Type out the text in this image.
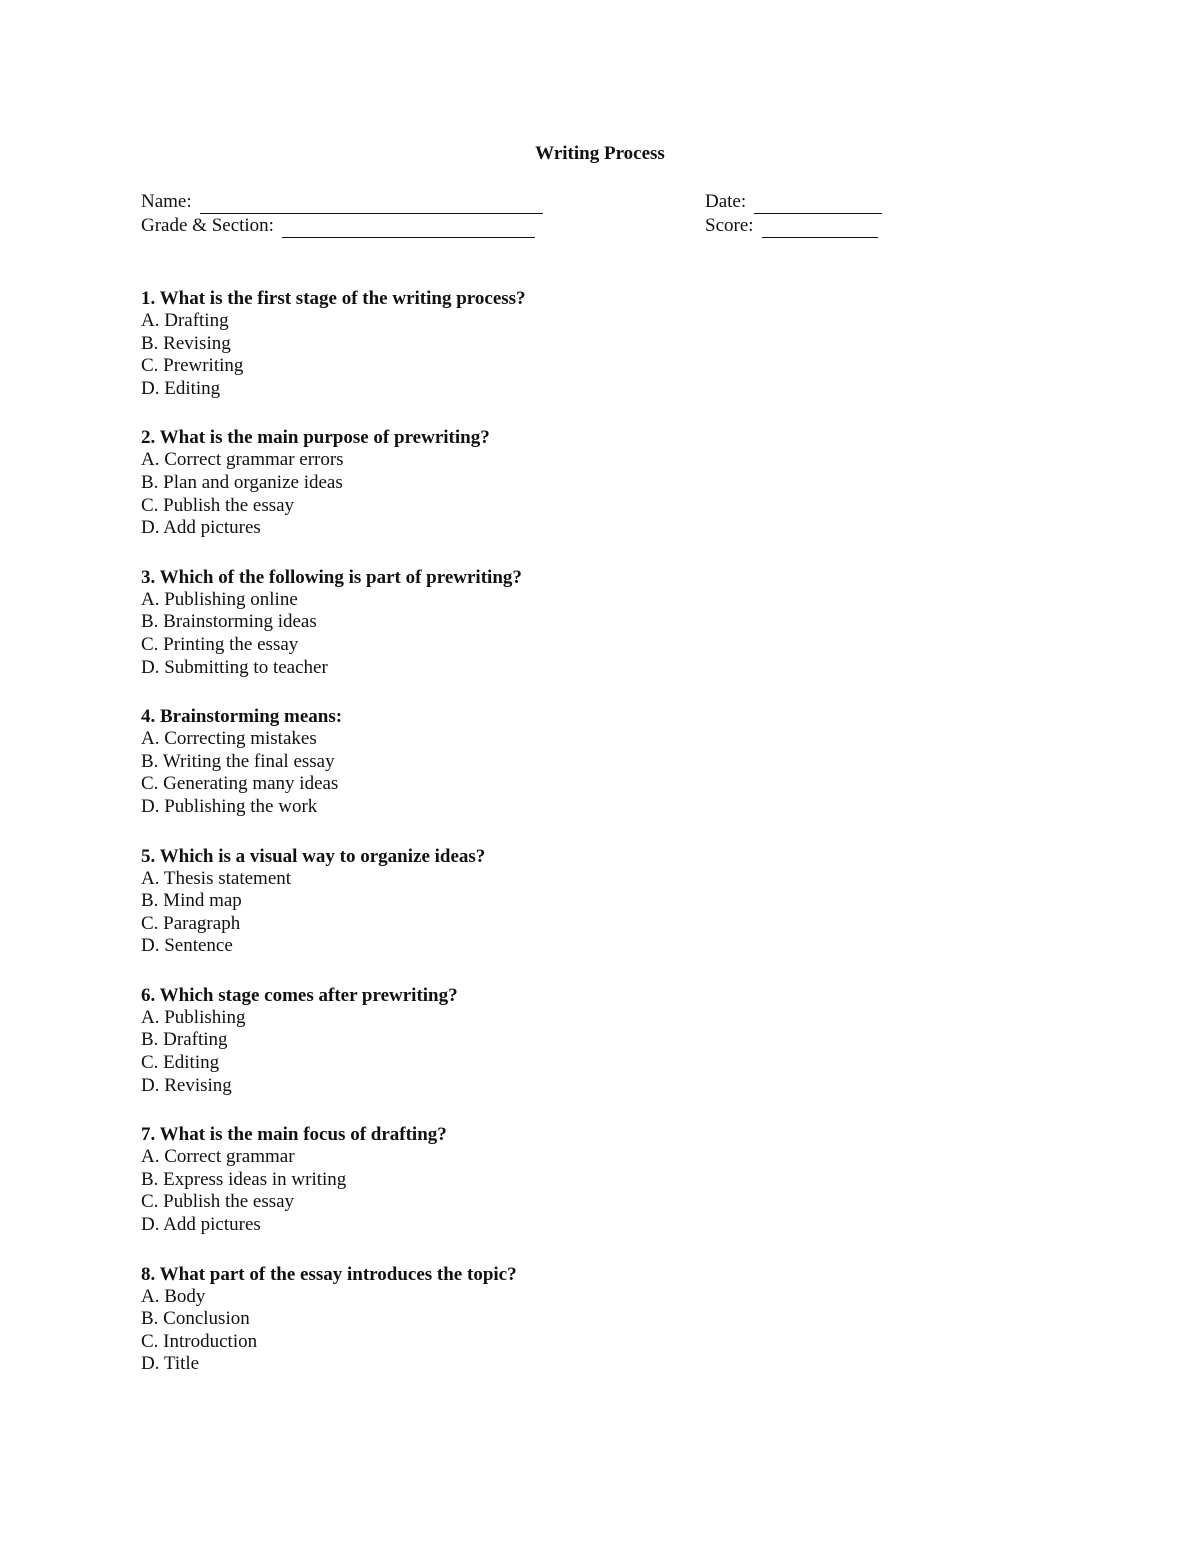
Writing Process
Name:	Date:
Grade & Section:	Score:
1. What is the first stage of the writing process?
A. Drafting
B. Revising
C. Prewriting
D. Editing
2. What is the main purpose of prewriting?
A. Correct grammar errors
B. Plan and organize ideas
C. Publish the essay
D. Add pictures
3. Which of the following is part of prewriting?
A. Publishing online
B. Brainstorming ideas
C. Printing the essay
D. Submitting to teacher
4. Brainstorming means:
A. Correcting mistakes
B. Writing the final essay
C. Generating many ideas
D. Publishing the work
5. Which is a visual way to organize ideas?
A. Thesis statement
B. Mind map
C. Paragraph
D. Sentence
6. Which stage comes after prewriting?
A. Publishing
B. Drafting
C. Editing
D. Revising
7. What is the main focus of drafting?
A. Correct grammar
B. Express ideas in writing
C. Publish the essay
D. Add pictures
8. What part of the essay introduces the topic?
A. Body
B. Conclusion
C. Introduction
D. Title
